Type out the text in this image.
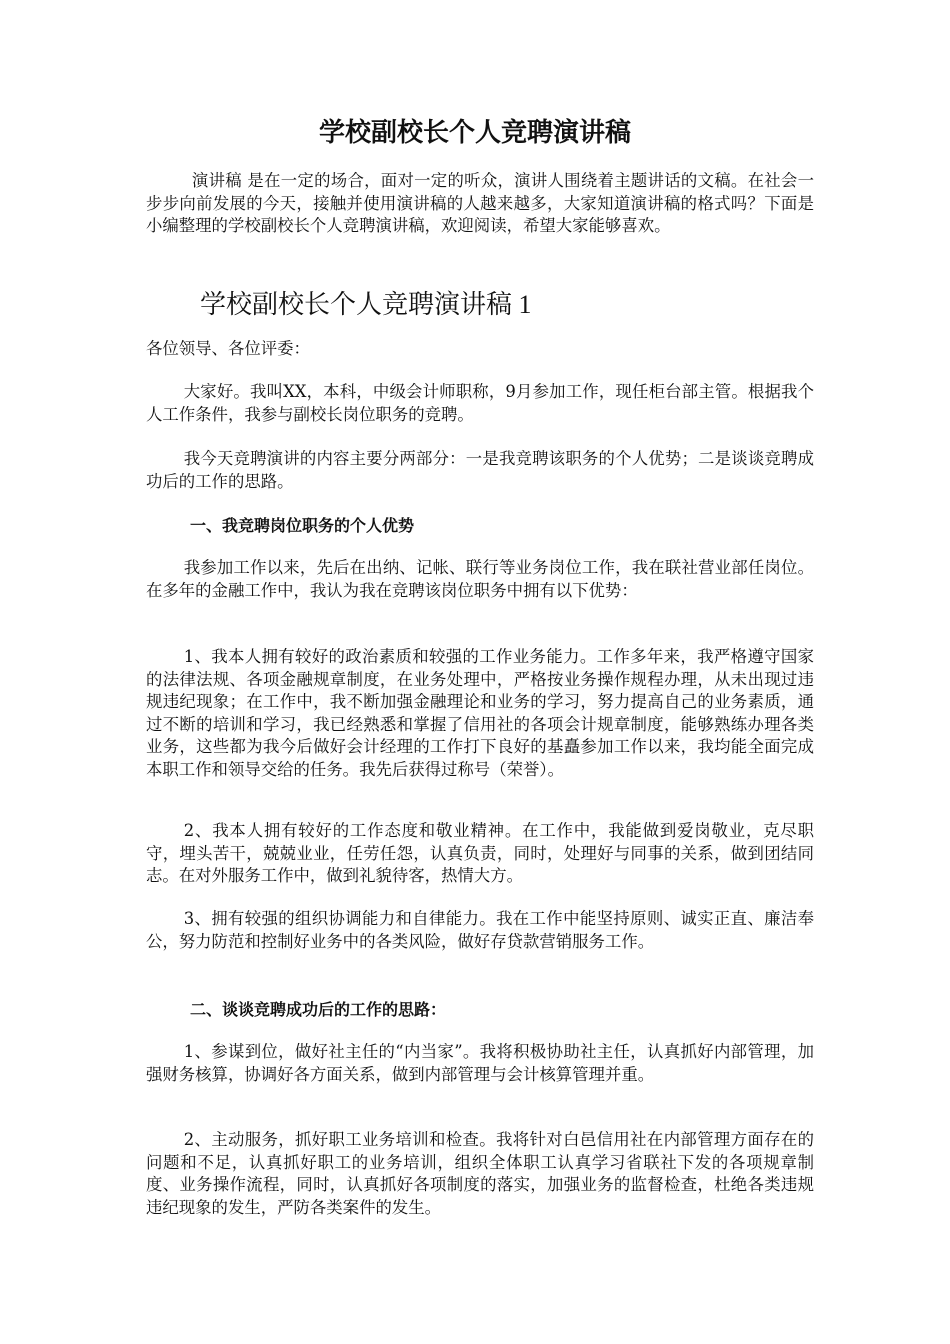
学校副校长个人竞聘演讲稿

演讲稿 是在一定的场合，面对一定的听众，演讲人围绕着主题讲话的文稿。在社会一步步向前发展的今天，接触并使用演讲稿的人越来越多，大家知道演讲稿的格式吗？下面是小编整理的学校副校长个人竞聘演讲稿，欢迎阅读，希望大家能够喜欢。

学校副校长个人竞聘演讲稿 1

各位领导、各位评委：

大家好。我叫XX，本科，中级会计师职称，9月参加工作，现任柜台部主管。根据我个人工作条件，我参与副校长岗位职务的竞聘。

我今天竞聘演讲的内容主要分两部分：一是我竞聘该职务的个人优势；二是谈谈竞聘成功后的工作的思路。

一、我竞聘岗位职务的个人优势

我参加工作以来，先后在出纳、记帐、联行等业务岗位工作，我在联社营业部任岗位。在多年的金融工作中，我认为我在竞聘该岗位职务中拥有以下优势：

1、我本人拥有较好的政治素质和较强的工作业务能力。工作多年来，我严格遵守国家的法律法规、各项金融规章制度，在业务处理中，严格按业务操作规程办理，从未出现过违规违纪现象；在工作中，我不断加强金融理论和业务的学习，努力提高自己的业务素质，通过不断的培训和学习，我已经熟悉和掌握了信用社的各项会计规章制度，能够熟练办理各类业务，这些都为我今后做好会计经理的工作打下良好的基矗参加工作以来，我均能全面完成本职工作和领导交给的任务。我先后获得过称号（荣誉）。

2、我本人拥有较好的工作态度和敬业精神。在工作中，我能做到爱岗敬业，克尽职守，埋头苦干，兢兢业业，任劳任怨，认真负责，同时，处理好与同事的关系，做到团结同志。在对外服务工作中，做到礼貌待客，热情大方。

3、拥有较强的组织协调能力和自律能力。我在工作中能坚持原则、诚实正直、廉洁奉公，努力防范和控制好业务中的各类风险，做好存贷款营销服务工作。

二、谈谈竞聘成功后的工作的思路：

1、参谋到位，做好社主任的“内当家”。我将积极协助社主任，认真抓好内部管理，加强财务核算，协调好各方面关系，做到内部管理与会计核算管理并重。

2、主动服务，抓好职工业务培训和检查。我将针对白邑信用社在内部管理方面存在的问题和不足，认真抓好职工的业务培训，组织全体职工认真学习省联社下发的各项规章制度、业务操作流程，同时，认真抓好各项制度的落实，加强业务的监督检查，杜绝各类违规违纪现象的发生，严防各类案件的发生。
